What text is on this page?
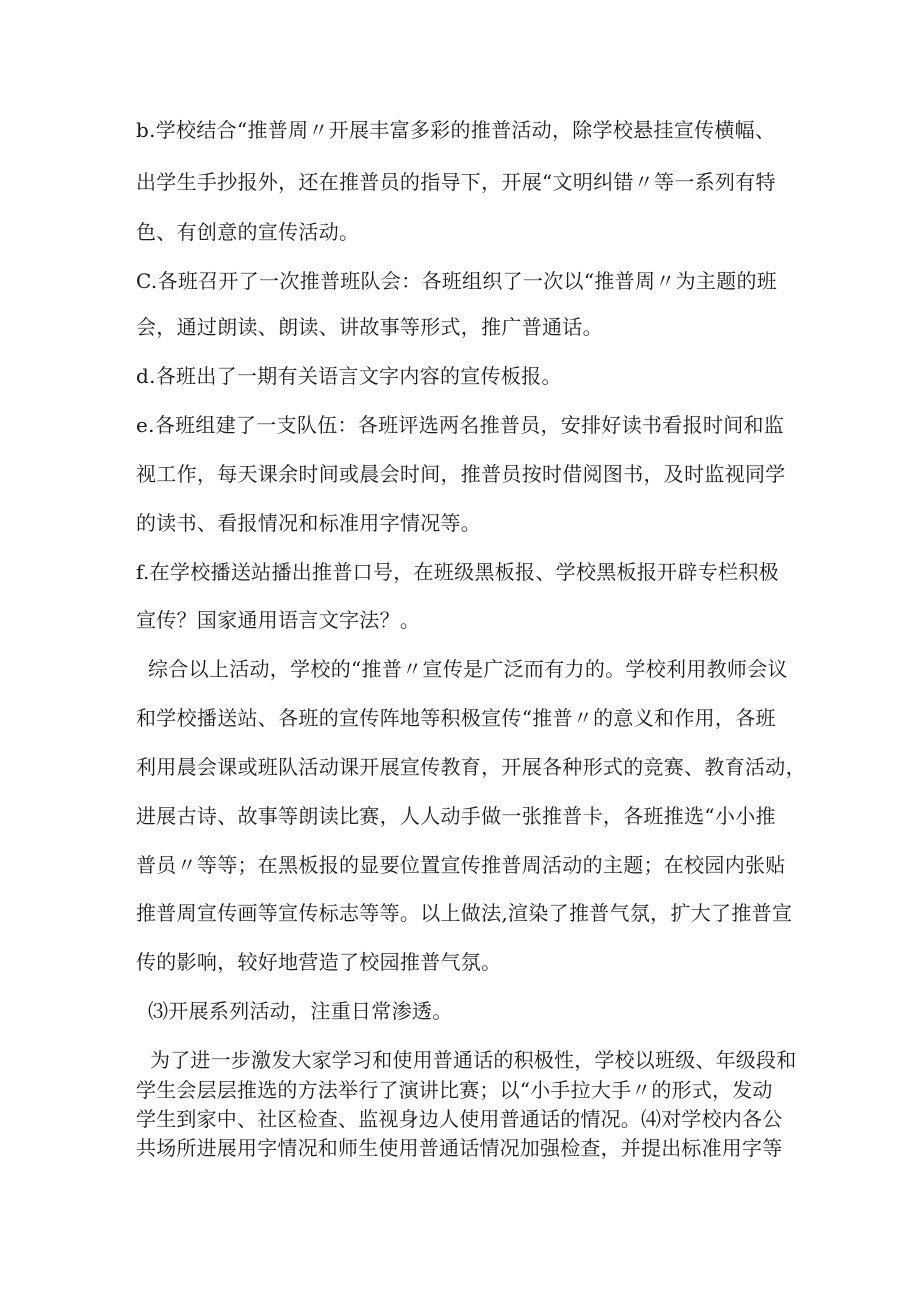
b.学校结合“推普周〃开展丰富多彩的推普活动，除学校悬挂宣传横幅、
出学生手抄报外，还在推普员的指导下，开展“文明纠错〃等一系列有特
色、有创意的宣传活动。
C.各班召开了一次推普班队会：各班组织了一次以“推普周〃为主题的班
会，通过朗读、朗读、讲故事等形式，推广普通话。
d.各班出了一期有关语言文字内容的宣传板报。
e.各班组建了一支队伍：各班评选两名推普员，安排好读书看报时间和监
视工作，每天课余时间或晨会时间，推普员按时借阅图书，及时监视同学
的读书、看报情况和标准用字情况等。
f.在学校播送站播出推普口号，在班级黑板报、学校黑板报开辟专栏积极
宣传？国家通用语言文字法？。
综合以上活动，学校的“推普〃宣传是广泛而有力的。学校利用教师会议
和学校播送站、各班的宣传阵地等积极宣传“推普〃的意义和作用，各班
利用晨会课或班队活动课开展宣传教育，开展各种形式的竞赛、教育活动，
进展古诗、故事等朗读比赛，人人动手做一张推普卡，各班推选“小小推
普员〃等等；在黑板报的显要位置宣传推普周活动的主题；在校园内张贴
推普周宣传画等宣传标志等等。以上做法,渲染了推普气氛，扩大了推普宣
传的影响，较好地营造了校园推普气氛。
⑶开展系列活动，注重日常渗透。
为了进一步激发大家学习和使用普通话的积极性，学校以班级、年级段和
学生会层层推选的方法举行了演讲比赛；以“小手拉大手〃的形式，发动
学生到家中、社区检查、监视身边人使用普通话的情况。⑷对学校内各公
共场所进展用字情况和师生使用普通话情况加强检查，并提出标准用字等
